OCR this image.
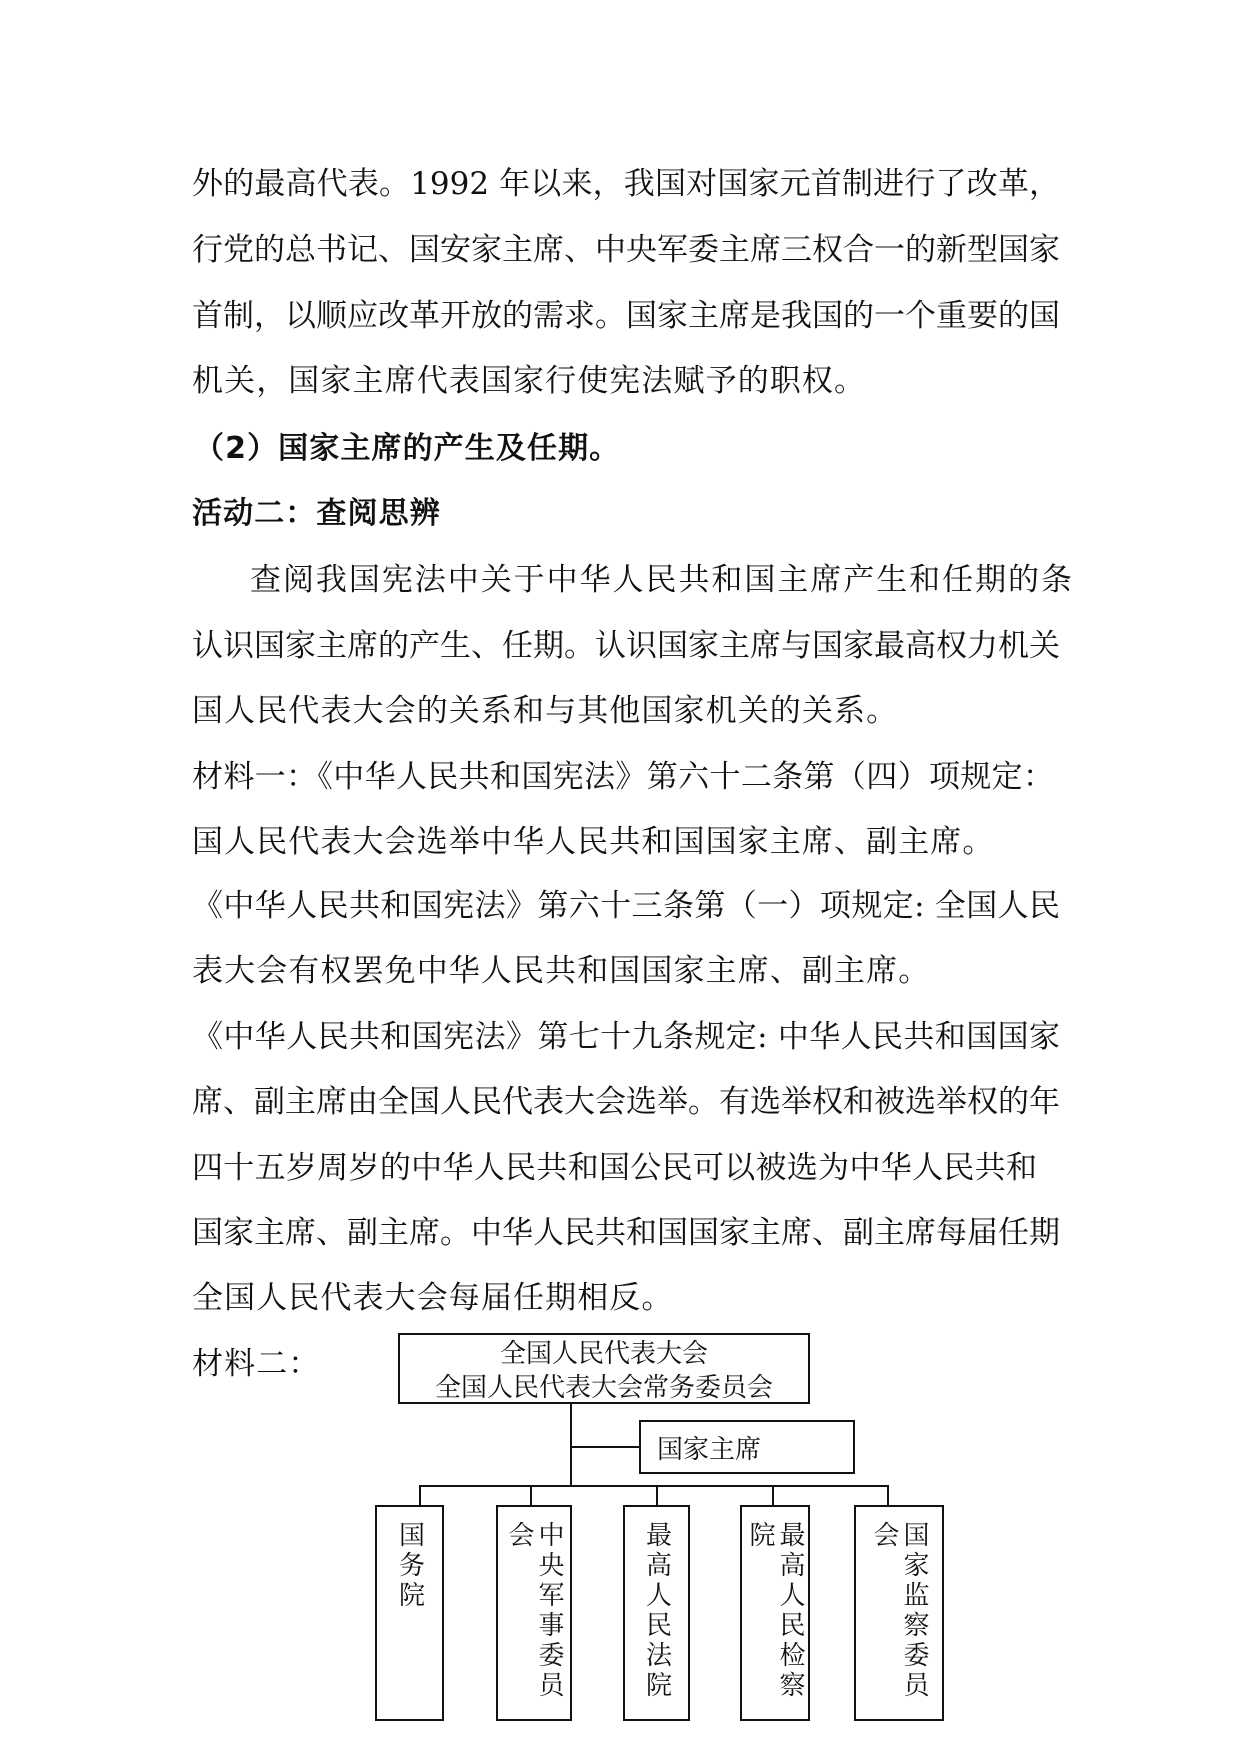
外的最高代表。1992 年以来，我国对国家元首制进行了改革，
行党的总书记、国安家主席、中央军委主席三权合一的新型国家
首制，以顺应改革开放的需求。国家主席是我国的一个重要的国
机关，国家主席代表国家行使宪法赋予的职权。
（2）国家主席的产生及任期。
活动二：查阅思辨
查阅我国宪法中关于中华人民共和国主席产生和任期的条
认识国家主席的产生、任期。认识国家主席与国家最高权力机关
国人民代表大会的关系和与其他国家机关的关系。
材料一：《中华人民共和国宪法》第六十二条第（四）项规定：
国人民代表大会选举中华人民共和国国家主席、副主席。
《中华人民共和国宪法》第六十三条第（一）项规定: 全国人民
表大会有权罢免中华人民共和国国家主席、副主席。
《中华人民共和国宪法》第七十九条规定: 中华人民共和国国家
席、副主席由全国人民代表大会选举。有选举权和被选举权的年
四十五岁周岁的中华人民共和国公民可以被选为中华人民共和
国家主席、副主席。中华人民共和国国家主席、副主席每届任期
全国人民代表大会每届任期相反。
材料二：	全国人民代表大会
全国人民代表大会常务委员会
国家主席
国务院	中央军事委员会	最高人民法院	最高人民检察院	国家监察委员会
